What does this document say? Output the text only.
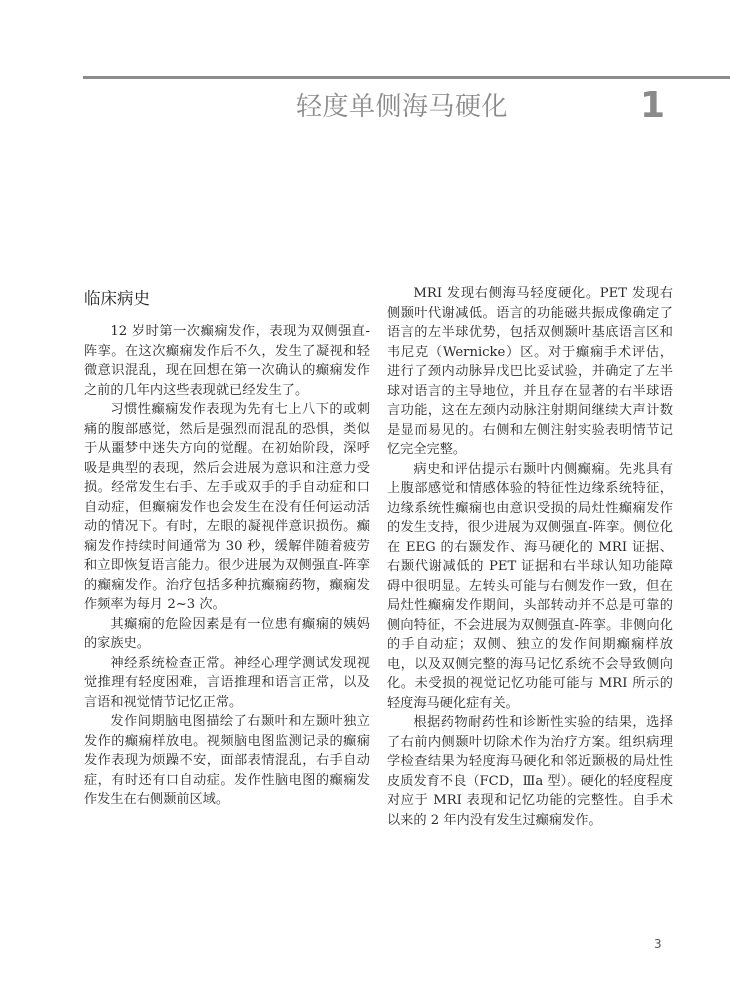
轻度单侧海马硬化	1
临床病史

12 岁时第一次癫痫发作，表现为双侧强直-阵挛。在这次癫痫发作后不久，发生了凝视和轻微意识混乱，现在回想在第一次确认的癫痫发作之前的几年内这些表现就已经发生了。

习惯性癫痫发作表现为先有七上八下的或刺痛的腹部感觉，然后是强烈而混乱的恐惧，类似于从噩梦中迷失方向的觉醒。在初始阶段，深呼吸是典型的表现，然后会进展为意识和注意力受损。经常发生右手、左手或双手的手自动症和口自动症，但癫痫发作也会发生在没有任何运动活动的情况下。有时，左眼的凝视伴意识损伤。癫痫发作持续时间通常为 30 秒，缓解伴随着疲劳和立即恢复语言能力。很少进展为双侧强直-阵挛的癫痫发作。治疗包括多种抗癫痫药物，癫痫发作频率为每月 2~3 次。

其癫痫的危险因素是有一位患有癫痫的姨妈的家族史。

神经系统检查正常。神经心理学测试发现视觉推理有轻度困难，言语推理和语言正常，以及言语和视觉情节记忆正常。

发作间期脑电图描绘了右颞叶和左颞叶独立发作的癫痫样放电。视频脑电图监测记录的癫痫发作表现为烦躁不安，面部表情混乱，右手自动症，有时还有口自动症。发作性脑电图的癫痫发作发生在右侧颞前区域。

MRI 发现右侧海马轻度硬化。PET 发现右侧颞叶代谢减低。语言的功能磁共振成像确定了语言的左半球优势，包括双侧颞叶基底语言区和韦尼克（Wernicke）区。对于癫痫手术评估，进行了颈内动脉异戊巴比妥试验，并确定了左半球对语言的主导地位，并且存在显著的右半球语言功能，这在左颈内动脉注射期间继续大声计数是显而易见的。右侧和左侧注射实验表明情节记忆完全完整。

病史和评估提示右颞叶内侧癫痫。先兆具有上腹部感觉和情感体验的特征性边缘系统特征，边缘系统性癫痫也由意识受损的局灶性癫痫发作的发生支持，很少进展为双侧强直-阵挛。侧位化在 EEG 的右颞发作、海马硬化的 MRI 证据、右颞代谢减低的 PET 证据和右半球认知功能障碍中很明显。左转头可能与右侧发作一致，但在局灶性癫痫发作期间，头部转动并不总是可靠的侧向特征，不会进展为双侧强直-阵挛。非侧向化的手自动症；双侧、独立的发作间期癫痫样放电，以及双侧完整的海马记忆系统不会导致侧向化。未受损的视觉记忆功能可能与 MRI 所示的轻度海马硬化症有关。

根据药物耐药性和诊断性实验的结果，选择了右前内侧颞叶切除术作为治疗方案。组织病理学检查结果为轻度海马硬化和邻近颞极的局灶性皮质发育不良（FCD，Ⅲa 型）。硬化的轻度程度对应于 MRI 表现和记忆功能的完整性。自手术以来的 2 年内没有发生过癫痫发作。

3
